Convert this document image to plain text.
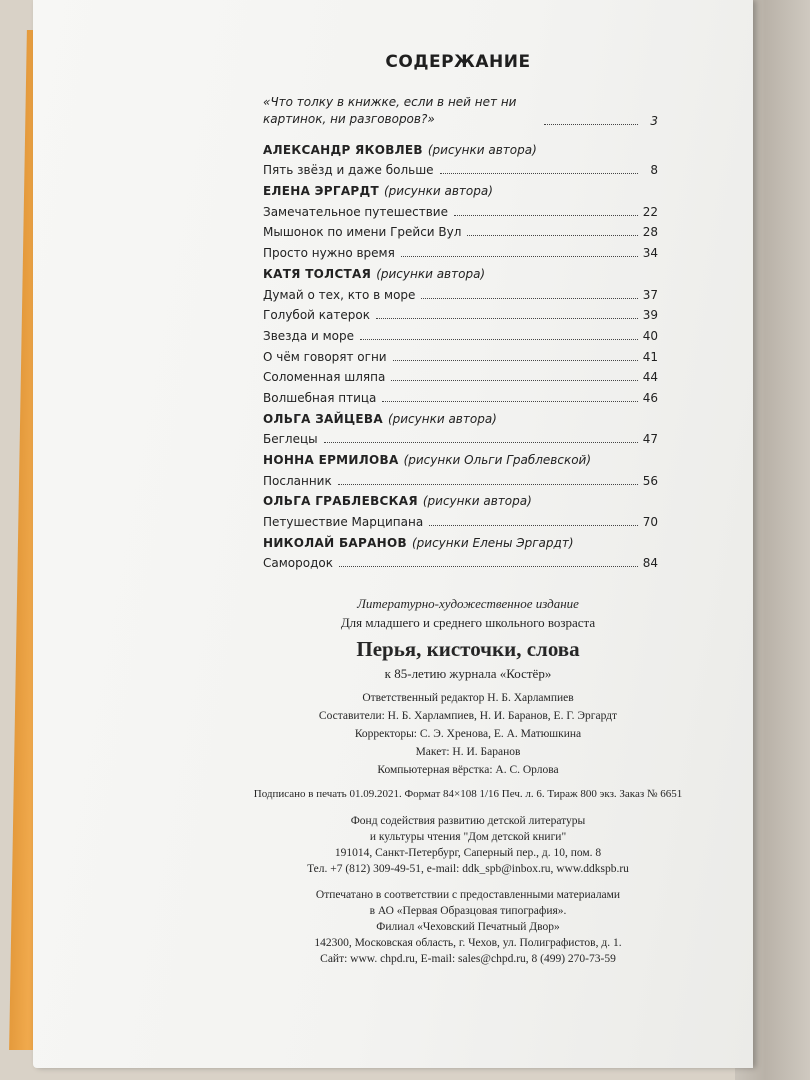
СОДЕРЖАНИЕ
«Что толку в книжке, если в ней нет ни картинок, ни разговоров?»	3
АЛЕКСАНДР ЯКОВЛЕВ (рисунки автора)
Пять звёзд и даже больше	8
ЕЛЕНА ЭРГАРДТ (рисунки автора)
Замечательное путешествие	22
Мышонок по имени Грейси Вул	28
Просто нужно время	34
КАТЯ ТОЛСТАЯ (рисунки автора)
Думай о тех, кто в море	37
Голубой катерок	39
Звезда и море	40
О чём говорят огни	41
Соломенная шляпа	44
Волшебная птица	46
ОЛЬГА ЗАЙЦЕВА (рисунки автора)
Беглецы	47
НОННА ЕРМИЛОВА (рисунки Ольги Граблевской)
Посланник	56
ОЛЬГА ГРАБЛЕВСКАЯ (рисунки автора)
Петушествие Марципана	70
НИКОЛАЙ БАРАНОВ (рисунки Елены Эргардт)
Самородок	84
Литературно-художественное издание
Для младшего и среднего школьного возраста
Перья, кисточки, слова
к 85-летию журнала «Костёр»
Ответственный редактор Н. Б. Харлампиев
Составители: Н. Б. Харлампиев, Н. И. Баранов, Е. Г. Эргардт
Корректоры: С. Э. Хренова, Е. А. Матюшкина
Макет: Н. И. Баранов
Компьютерная вёрстка: А. С. Орлова
Подписано в печать 01.09.2021. Формат 84×108 1/16 Печ. л. 6. Тираж 800 экз. Заказ № 6651
Фонд содействия развитию детской литературы
и культуры чтения "Дом детской книги"
191014, Санкт-Петербург, Саперный пер., д. 10, пом. 8
Тел. +7 (812) 309-49-51, e-mail: ddk_spb@inbox.ru, www.ddkspb.ru
Отпечатано в соответствии с предоставленными материалами
в АО «Первая Образцовая типография».
Филиал «Чеховский Печатный Двор»
142300, Московская область, г. Чехов, ул. Полиграфистов, д. 1.
Сайт: www. chpd.ru, E-mail: sales@chpd.ru, 8 (499) 270-73-59
